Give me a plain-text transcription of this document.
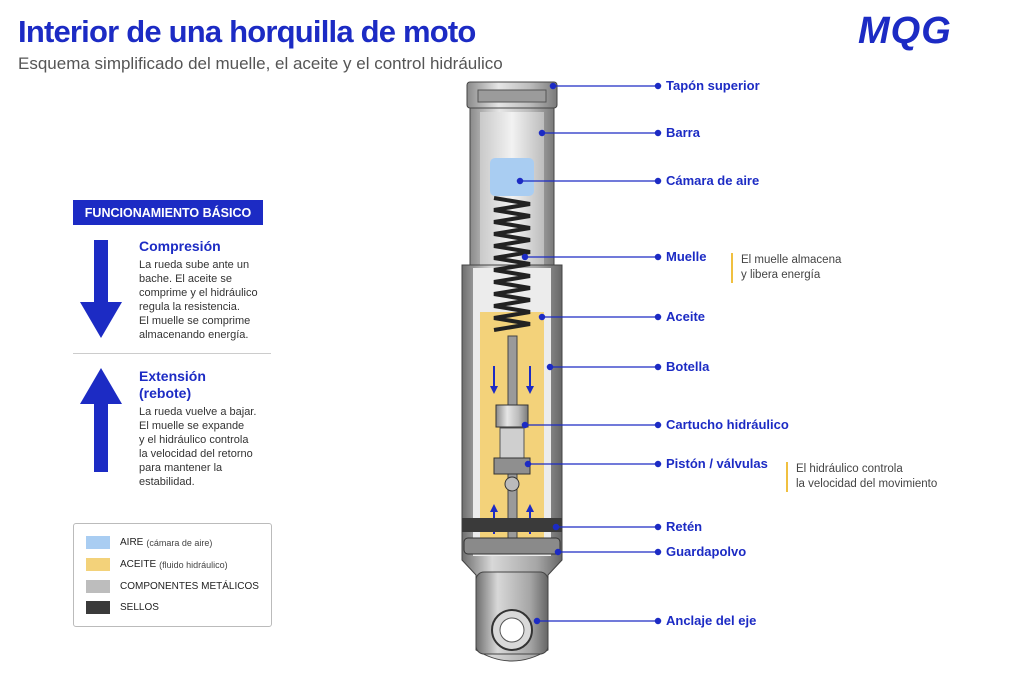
Interior de una horquilla de moto
Esquema simplificado del muelle, el aceite y el control hidráulico
MQG
FUNCIONAMIENTO BÁSICO
Compresión
La rueda sube ante un
bache. El aceite se
comprime y el hidráulico
regula la resistencia.
El muelle se comprime
almacenando energía.
Extensión
(rebote)
La rueda vuelve a bajar.
El muelle se expande
y el hidráulico controla
la velocidad del retorno
para mantener la
estabilidad.
AIRE (cámara de aire)
ACEITE (fluido hidráulico)
COMPONENTES METÁLICOS
SELLOS
Tapón superior
Barra
Cámara de aire
Muelle
Aceite
Botella
Cartucho hidráulico
Pistón / válvulas
Retén
Guardapolvo
Anclaje del eje
El muelle almacena
y libera energía
El hidráulico controla
la velocidad del movimiento
